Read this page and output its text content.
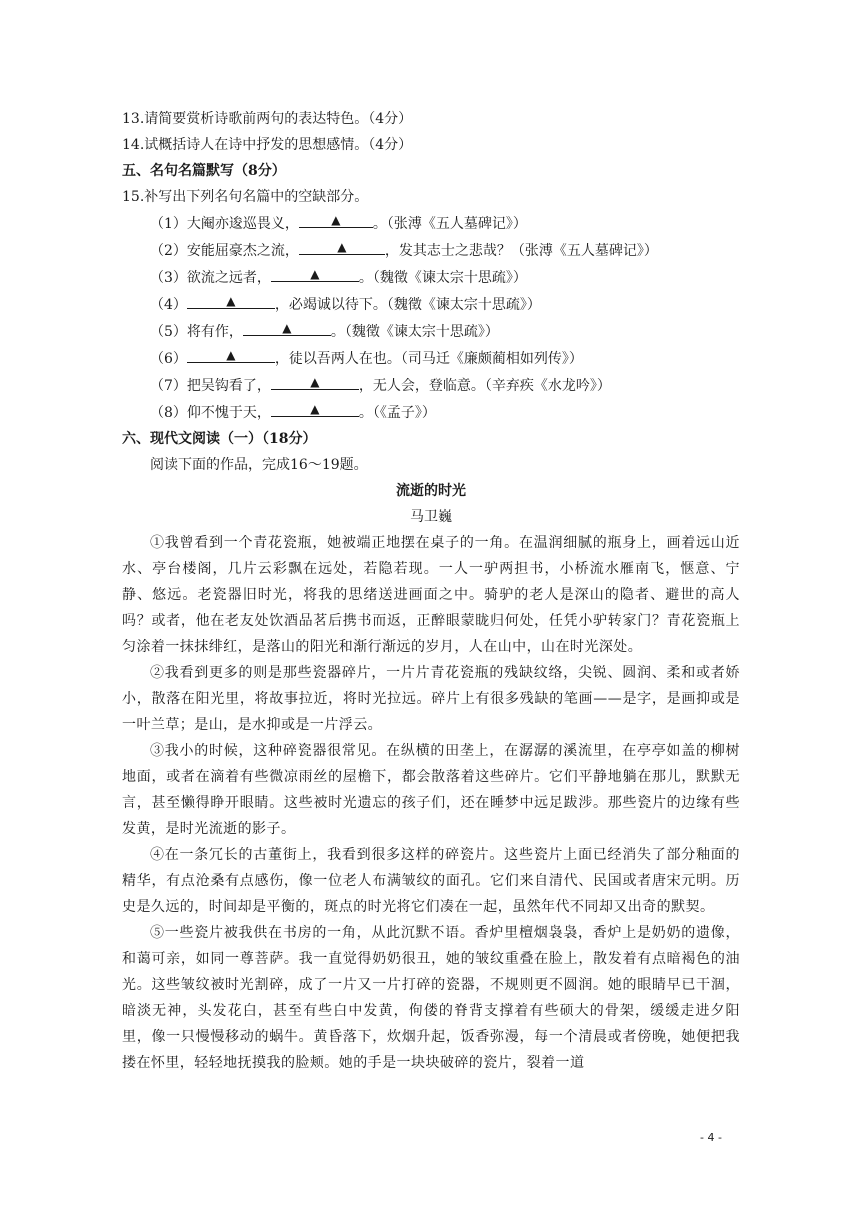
13.请简要赏析诗歌前两句的表达特色。（4分）
14.试概括诗人在诗中抒发的思想感情。（4分）
五、名句名篇默写（8分）
15.补写出下列名句名篇中的空缺部分。
（1）大阉亦逡巡畏义，	▲ 。（张溥《五人墓碑记》）
（2）安能屈豪杰之流，	▲	，发其志士之悲哉？（张溥《五人墓碑记》）
（3）欲流之远者，	▲	。（魏徵《谏太宗十思疏》）
（4）	▲	，必竭诚以待下。（魏徵《谏太宗十思疏》）
（5）将有作，	▲	。（魏徵《谏太宗十思疏》）
（6）	▲	，徒以吾两人在也。（司马迁《廉颇蔺相如列传》）
（7）把吴钩看了，	▲	，无人会，登临意。（辛弃疾《水龙吟》）
（8）仰不愧于天，	▲	。（《孟子》）
六、现代文阅读（一）（18分）
阅读下面的作品，完成16～19题。
流逝的时光
马卫巍

①我曾看到一个青花瓷瓶，她被端正地摆在桌子的一角。在温润细腻的瓶身上，画着远山近水、亭台楼阁，几片云彩飘在远处，若隐若现。一人一驴两担书，小桥流水雁南飞，惬意、宁静、悠远。老瓷器旧时光，将我的思绪送进画面之中。骑驴的老人是深山的隐者、避世的高人吗？或者，他在老友处饮酒品茗后携书而返，正醉眼蒙眬归何处，任凭小驴转家门？青花瓷瓶上匀涂着一抹抹绯红，是落山的阳光和渐行渐远的岁月，人在山中，山在时光深处。

②我看到更多的则是那些瓷器碎片，一片片青花瓷瓶的残缺纹络，尖锐、圆润、柔和或者娇小，散落在阳光里，将故事拉近，将时光拉远。碎片上有很多残缺的笔画——是字，是画抑或是一叶兰草；是山，是水抑或是一片浮云。

③我小的时候，这种碎瓷器很常见。在纵横的田垄上，在潺潺的溪流里，在亭亭如盖的柳树地面，或者在滴着有些微凉雨丝的屋檐下，都会散落着这些碎片。它们平静地躺在那儿，默默无言，甚至懒得睁开眼睛。这些被时光遗忘的孩子们，还在睡梦中远足跋涉。那些瓷片的边缘有些发黄，是时光流逝的影子。

④在一条冗长的古董街上，我看到很多这样的碎瓷片。这些瓷片上面已经消失了部分釉面的精华，有点沧桑有点感伤，像一位老人布满皱纹的面孔。它们来自清代、民国或者唐宋元明。历史是久远的，时间却是平衡的，斑点的时光将它们凑在一起，虽然年代不同却又出奇的默契。

⑤一些瓷片被我供在书房的一角，从此沉默不语。香炉里檀烟袅袅，香炉上是奶奶的遗像，和蔼可亲，如同一尊菩萨。我一直觉得奶奶很丑，她的皱纹重叠在脸上，散发着有点暗褐色的油光。这些皱纹被时光割碎，成了一片又一片打碎的瓷器，不规则更不圆润。她的眼睛早已干涸，暗淡无神，头发花白，甚至有些白中发黄，佝偻的脊背支撑着有些硕大的骨架，缓缓走进夕阳里，像一只慢慢移动的蜗牛。黄昏落下，炊烟升起，饭香弥漫，每一个清晨或者傍晚，她便把我搂在怀里，轻轻地抚摸我的脸颊。她的手是一块块破碎的瓷片，裂着一道

- 4 -
